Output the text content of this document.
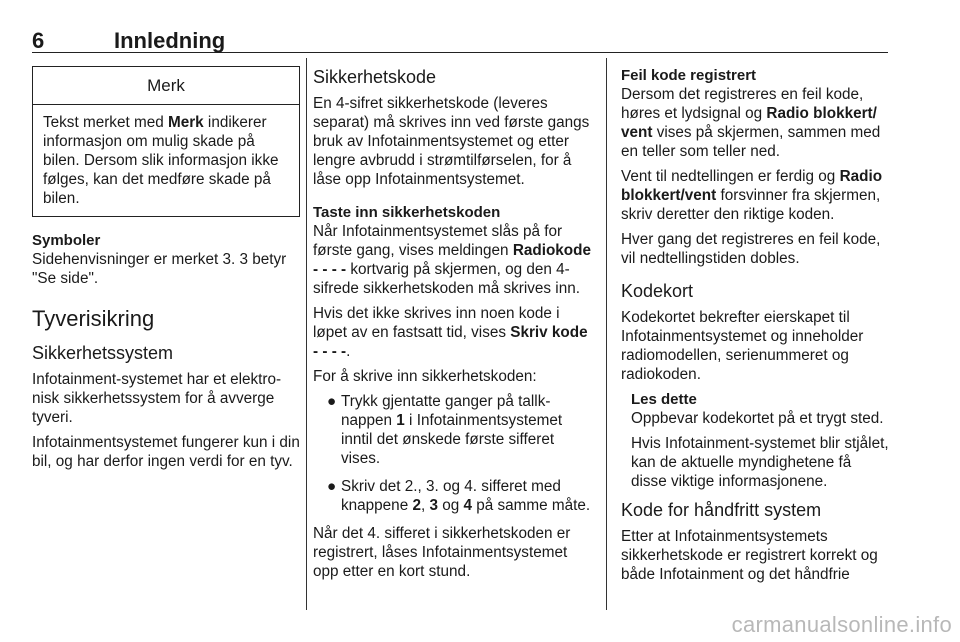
6	Innledning
Merk
Tekst merket med Merk indikerer informasjon om mulig skade på bilen. Dersom slik informasjon ikke følges, kan det medføre skade på bilen.

Symboler

Sidehenvisninger er merket 3. 3 betyr "Se side".

Tyverisikring
Sikkerhetssystem

Infotainment-systemet har et elektronisk sikkerhetssystem for å avverge tyveri.

Infotainmentsystemet fungerer kun i din bil, og har derfor ingen verdi for en tyv.

Sikkerhetskode

En 4-sifret sikkerhetskode (leveres separat) må skrives inn ved første gangs bruk av Infotainmentsystemet og etter lengre avbrudd i strømtilførselen, for å låse opp Infotainmentsystemet.

Taste inn sikkerhetskoden

Når Infotainmentsystemet slås på for første gang, vises meldingen Radiokode - - - - kortvarig på skjermen, og den 4-sifrede sikkerhetskoden må skrives inn.

Hvis det ikke skrives inn noen kode i løpet av en fastsatt tid, vises Skriv kode - - - -.

For å skrive inn sikkerhetskoden:

● Trykk gjentatte ganger på tallknappen 1 i Infotainmentsystemet inntil det ønskede første sifferet vises.
● Skriv det 2., 3. og 4. sifferet med knappene 2, 3 og 4 på samme måte.

Når det 4. sifferet i sikkerhetskoden er registrert, låses Infotainmentsystemet opp etter en kort stund.

Feil kode registrert

Dersom det registreres en feil kode, høres et lydsignal og Radio blokkert/ vent vises på skjermen, sammen med en teller som teller ned.

Vent til nedtellingen er ferdig og Radio blokkert/vent forsvinner fra skjermen, skriv deretter den riktige koden.

Hver gang det registreres en feil kode, vil nedtellingstiden dobles.

Kodekort

Kodekortet bekrefter eierskapet til Infotainmentsystemet og inneholder radiomodellen, serienummeret og radiokoden.

Les dette

Oppbevar kodekortet på et trygt sted.

Hvis Infotainment-systemet blir stjålet, kan de aktuelle myndighetene få disse viktige informasjonene.

Kode for håndfritt system

Etter at Infotainmentsystemets sikkerhetskode er registrert korrekt og både Infotainment og det håndfrie

carmanualsonline.info
